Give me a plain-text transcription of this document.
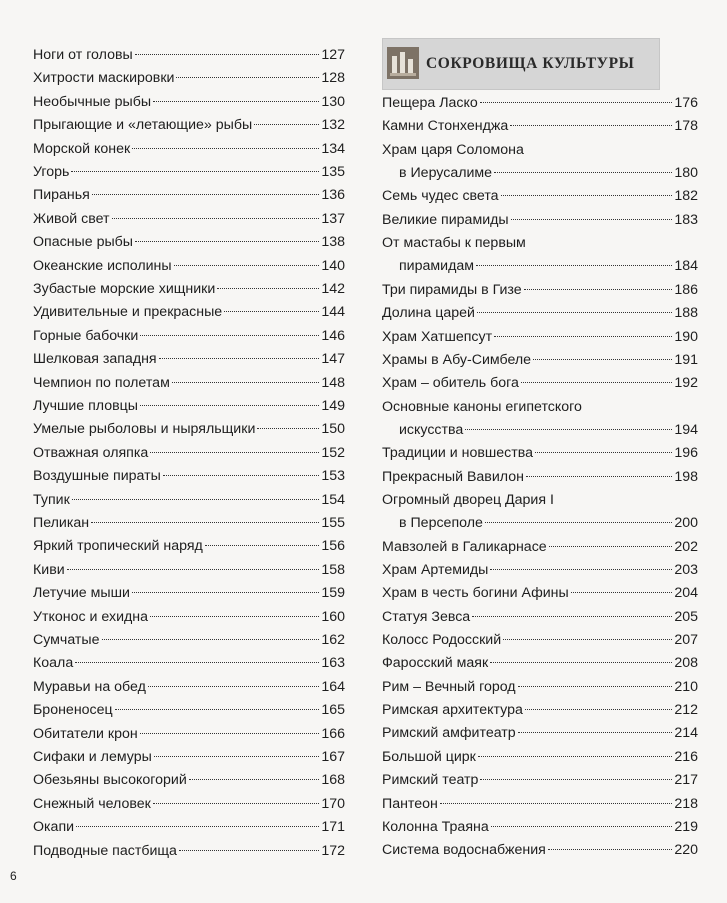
Ноги от головы	127
Хитрости маскировки	128
Необычные рыбы	130
Прыгающие и «летающие» рыбы	132
Морской конек	134
Угорь	135
Пиранья	136
Живой свет	137
Опасные рыбы	138
Океанские исполины	140
Зубастые морские хищники	142
Удивительные и прекрасные	144
Горные бабочки	146
Шелковая западня	147
Чемпион по полетам	148
Лучшие пловцы	149
Умелые рыболовы и ныряльщики	150
Отважная оляпка	152
Воздушные пираты	153
Тупик	154
Пеликан	155
Яркий тропический наряд	156
Киви	158
Летучие мыши	159
Утконос и ехидна	160
Сумчатые	162
Коала	163
Муравьи на обед	164
Броненосец	165
Обитатели крон	166
Сифаки и лемуры	167
Обезьяны высокогорий	168
Снежный человек	170
Окапи	171
Подводные пастбища	172
СОКРОВИЩА КУЛЬТУРЫ
Пещера Ласко	176
Камни Стонхенджа	178
Храм царя Соломона
в Иерусалиме	180
Семь чудес света	182
Великие пирамиды	183
От мастабы к первым
пирамидам	184
Три пирамиды в Гизе	186
Долина царей	188
Храм Хатшепсут	190
Храмы в Абу-Симбеле	191
Храм – обитель бога	192
Основные каноны египетского
искусства	194
Традиции и новшества	196
Прекрасный Вавилон	198
Огромный дворец Дария I
в Персеполе	200
Мавзолей в Галикарнасе	202
Храм Артемиды	203
Храм в честь богини Афины	204
Статуя Зевса	205
Колосс Родосский	207
Фаросский маяк	208
Рим – Вечный город	210
Римская архитектура	212
Римский амфитеатр	214
Большой цирк	216
Римский театр	217
Пантеон	218
Колонна Траяна	219
Система водоснабжения	220
6
